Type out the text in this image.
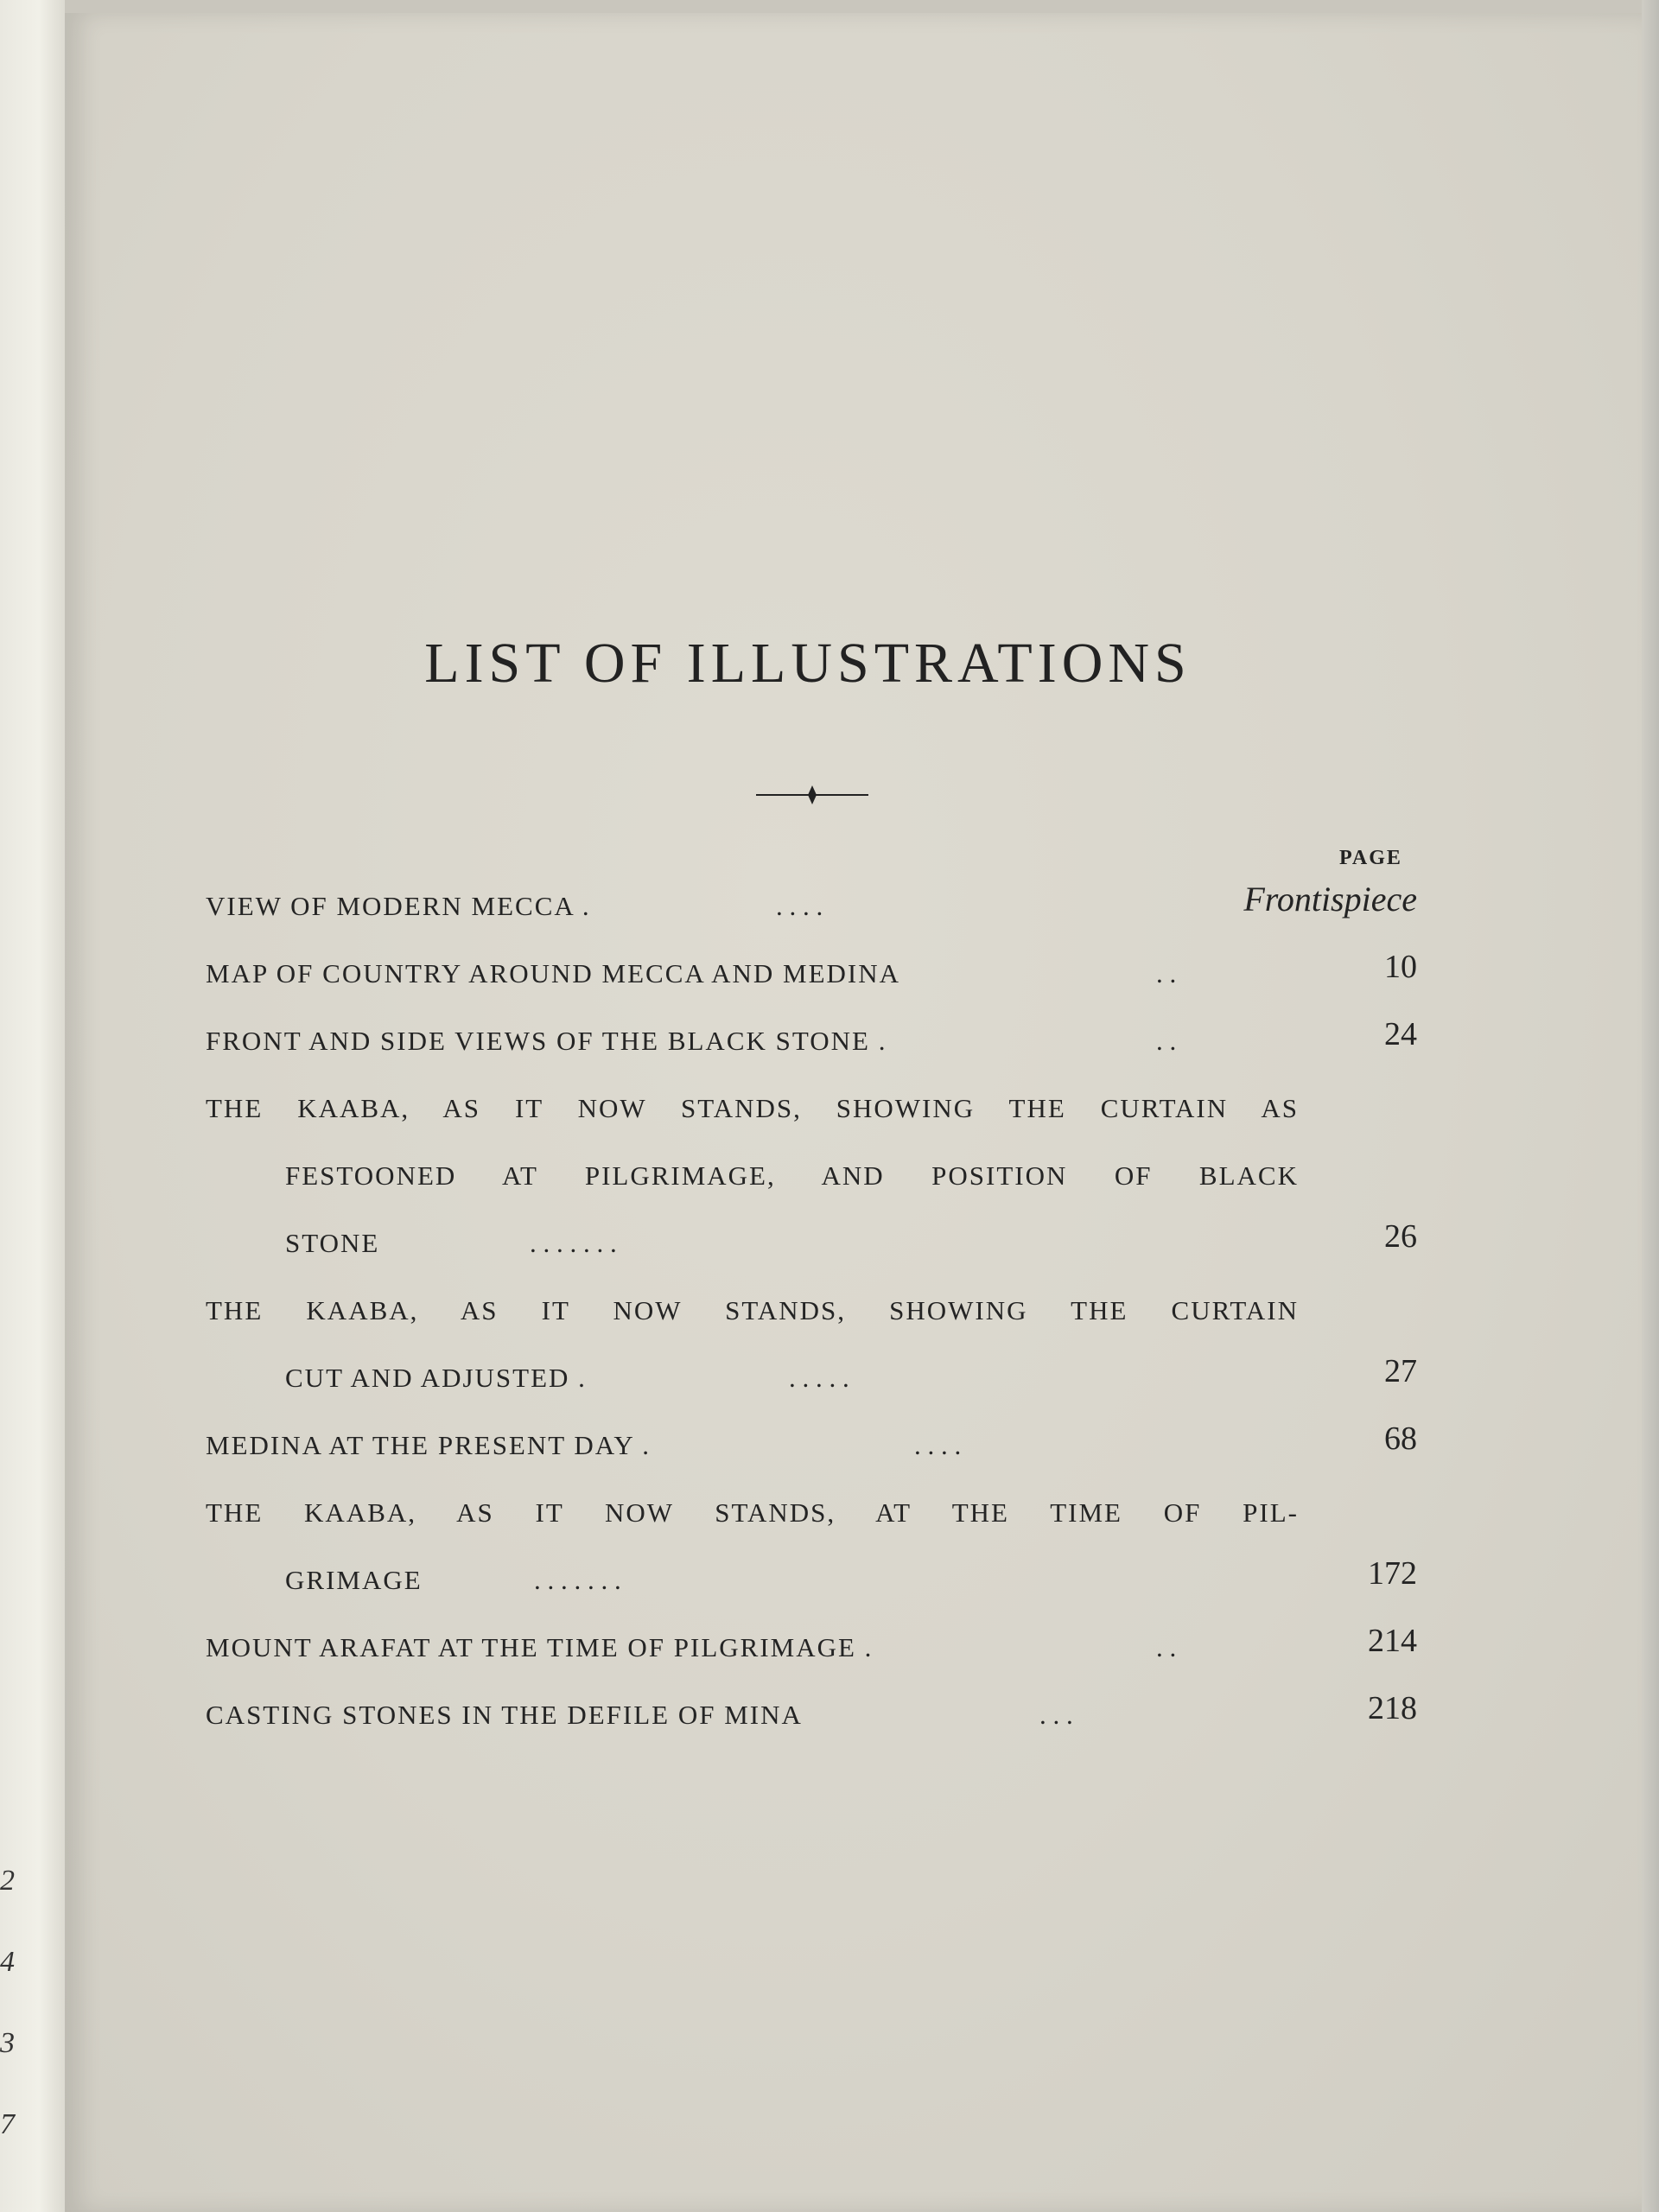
2
4
3
7
LIST OF ILLUSTRATIONS
PAGE
VIEW OF MODERN MECCA .	. . . .	Frontispiece
MAP OF COUNTRY AROUND MECCA AND MEDINA	. .	10
FRONT AND SIDE VIEWS OF THE BLACK STONE .	. .	24
THE KAABA, AS IT NOW STANDS, SHOWING THE CURTAIN AS
FESTOONED AT PILGRIMAGE, AND POSITION OF BLACK
STONE	. . . . . . .	26
THE KAABA, AS IT NOW STANDS, SHOWING THE CURTAIN
CUT AND ADJUSTED .	. . . . .	27
MEDINA AT THE PRESENT DAY .	. . . .	68
THE KAABA, AS IT NOW STANDS, AT THE TIME OF PIL-
GRIMAGE	. . . . . . .	172
MOUNT ARAFAT AT THE TIME OF PILGRIMAGE .	. .	214
CASTING STONES IN THE DEFILE OF MINA	. . .	218
